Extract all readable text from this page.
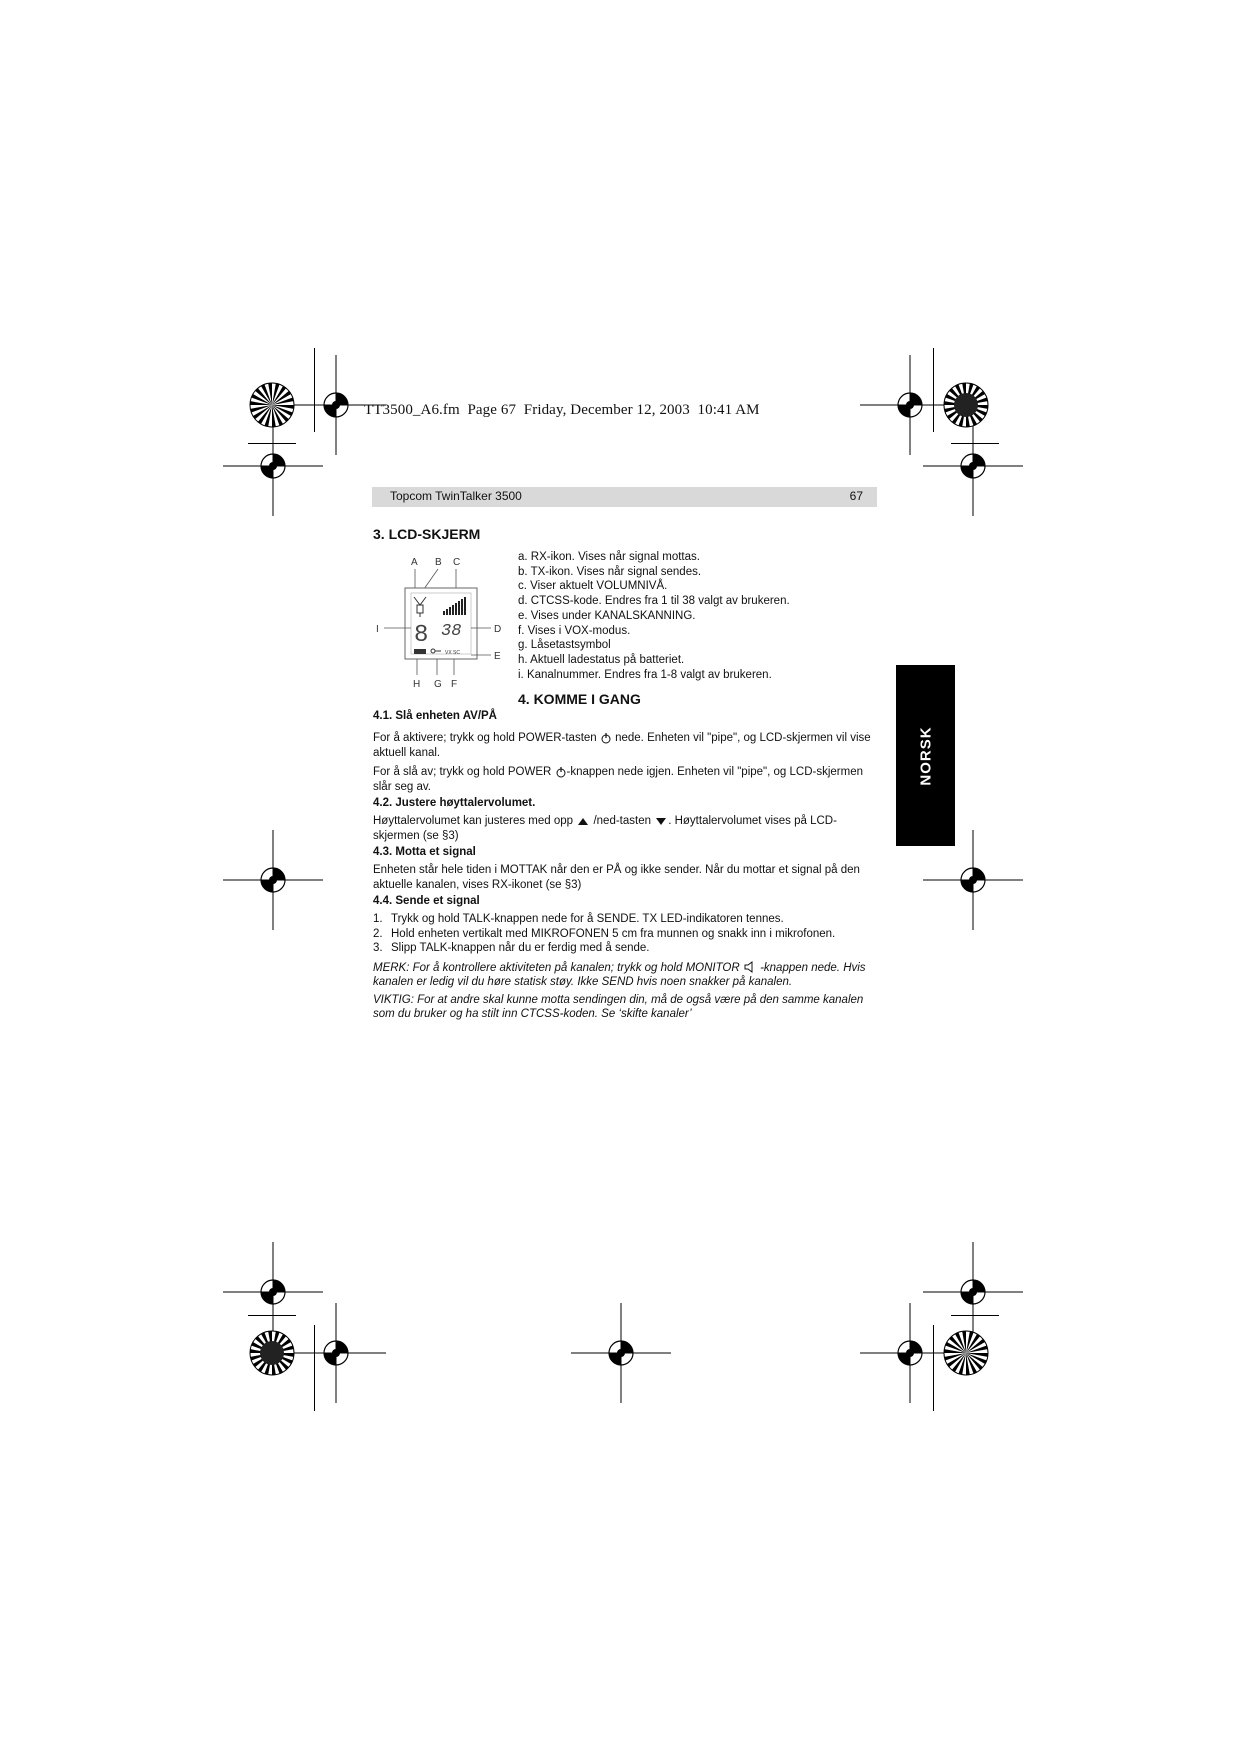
TT3500_A6.fm  Page 67  Friday, December 12, 2003  10:41 AM
Topcom TwinTalker 3500	67
NORSK
3. LCD-SKJERM
A B C
I	D
E
H G F
8 38
VX SC
a. RX-ikon. Vises når signal mottas.
b. TX-ikon. Vises når signal sendes.
c. Viser aktuelt VOLUMNIVÅ.
d. CTCSS-kode. Endres fra 1 til 38 valgt av brukeren.
e. Vises under KANALSKANNING.
f. Vises i VOX-modus.
g. Låsetastsymbol
h. Aktuell ladestatus på batteriet.
i. Kanalnummer. Endres fra 1-8 valgt av brukeren.
4. KOMME I GANG
4.1. Slå enheten AV/PÅ

For å aktivere; trykk og hold POWER-tasten  nede. Enheten vil "pipe", og LCD-skjermen vil vise aktuell kanal.

For å slå av; trykk og hold POWER -knappen nede igjen. Enheten vil "pipe", og LCD-skjermen slår seg av.

4.2. Justere høyttalervolumet.

Høyttalervolumet kan justeres med opp  /ned-tasten . Høyttalervolumet vises på LCD-skjermen (se §3)

4.3. Motta et signal

Enheten står hele tiden i MOTTAK når den er PÅ og ikke sender. Når du mottar et signal på den aktuelle kanalen, vises RX-ikonet (se §3)

4.4. Sende et signal
1. Trykk og hold TALK-knappen nede for å SENDE. TX LED-indikatoren tennes.
2. Hold enheten vertikalt med MIKROFONEN 5 cm fra munnen og snakk inn i mikrofonen.
3. Slipp TALK-knappen når du er ferdig med å sende.

MERK: For å kontrollere aktiviteten på kanalen; trykk og hold MONITOR  -knappen nede. Hvis kanalen er ledig vil du høre statisk støy. Ikke SEND hvis noen snakker på kanalen.

VIKTIG: For at andre skal kunne motta sendingen din, må de også være på den samme kanalen som du bruker og ha stilt inn CTCSS-koden. Se ‘skifte kanaler’
